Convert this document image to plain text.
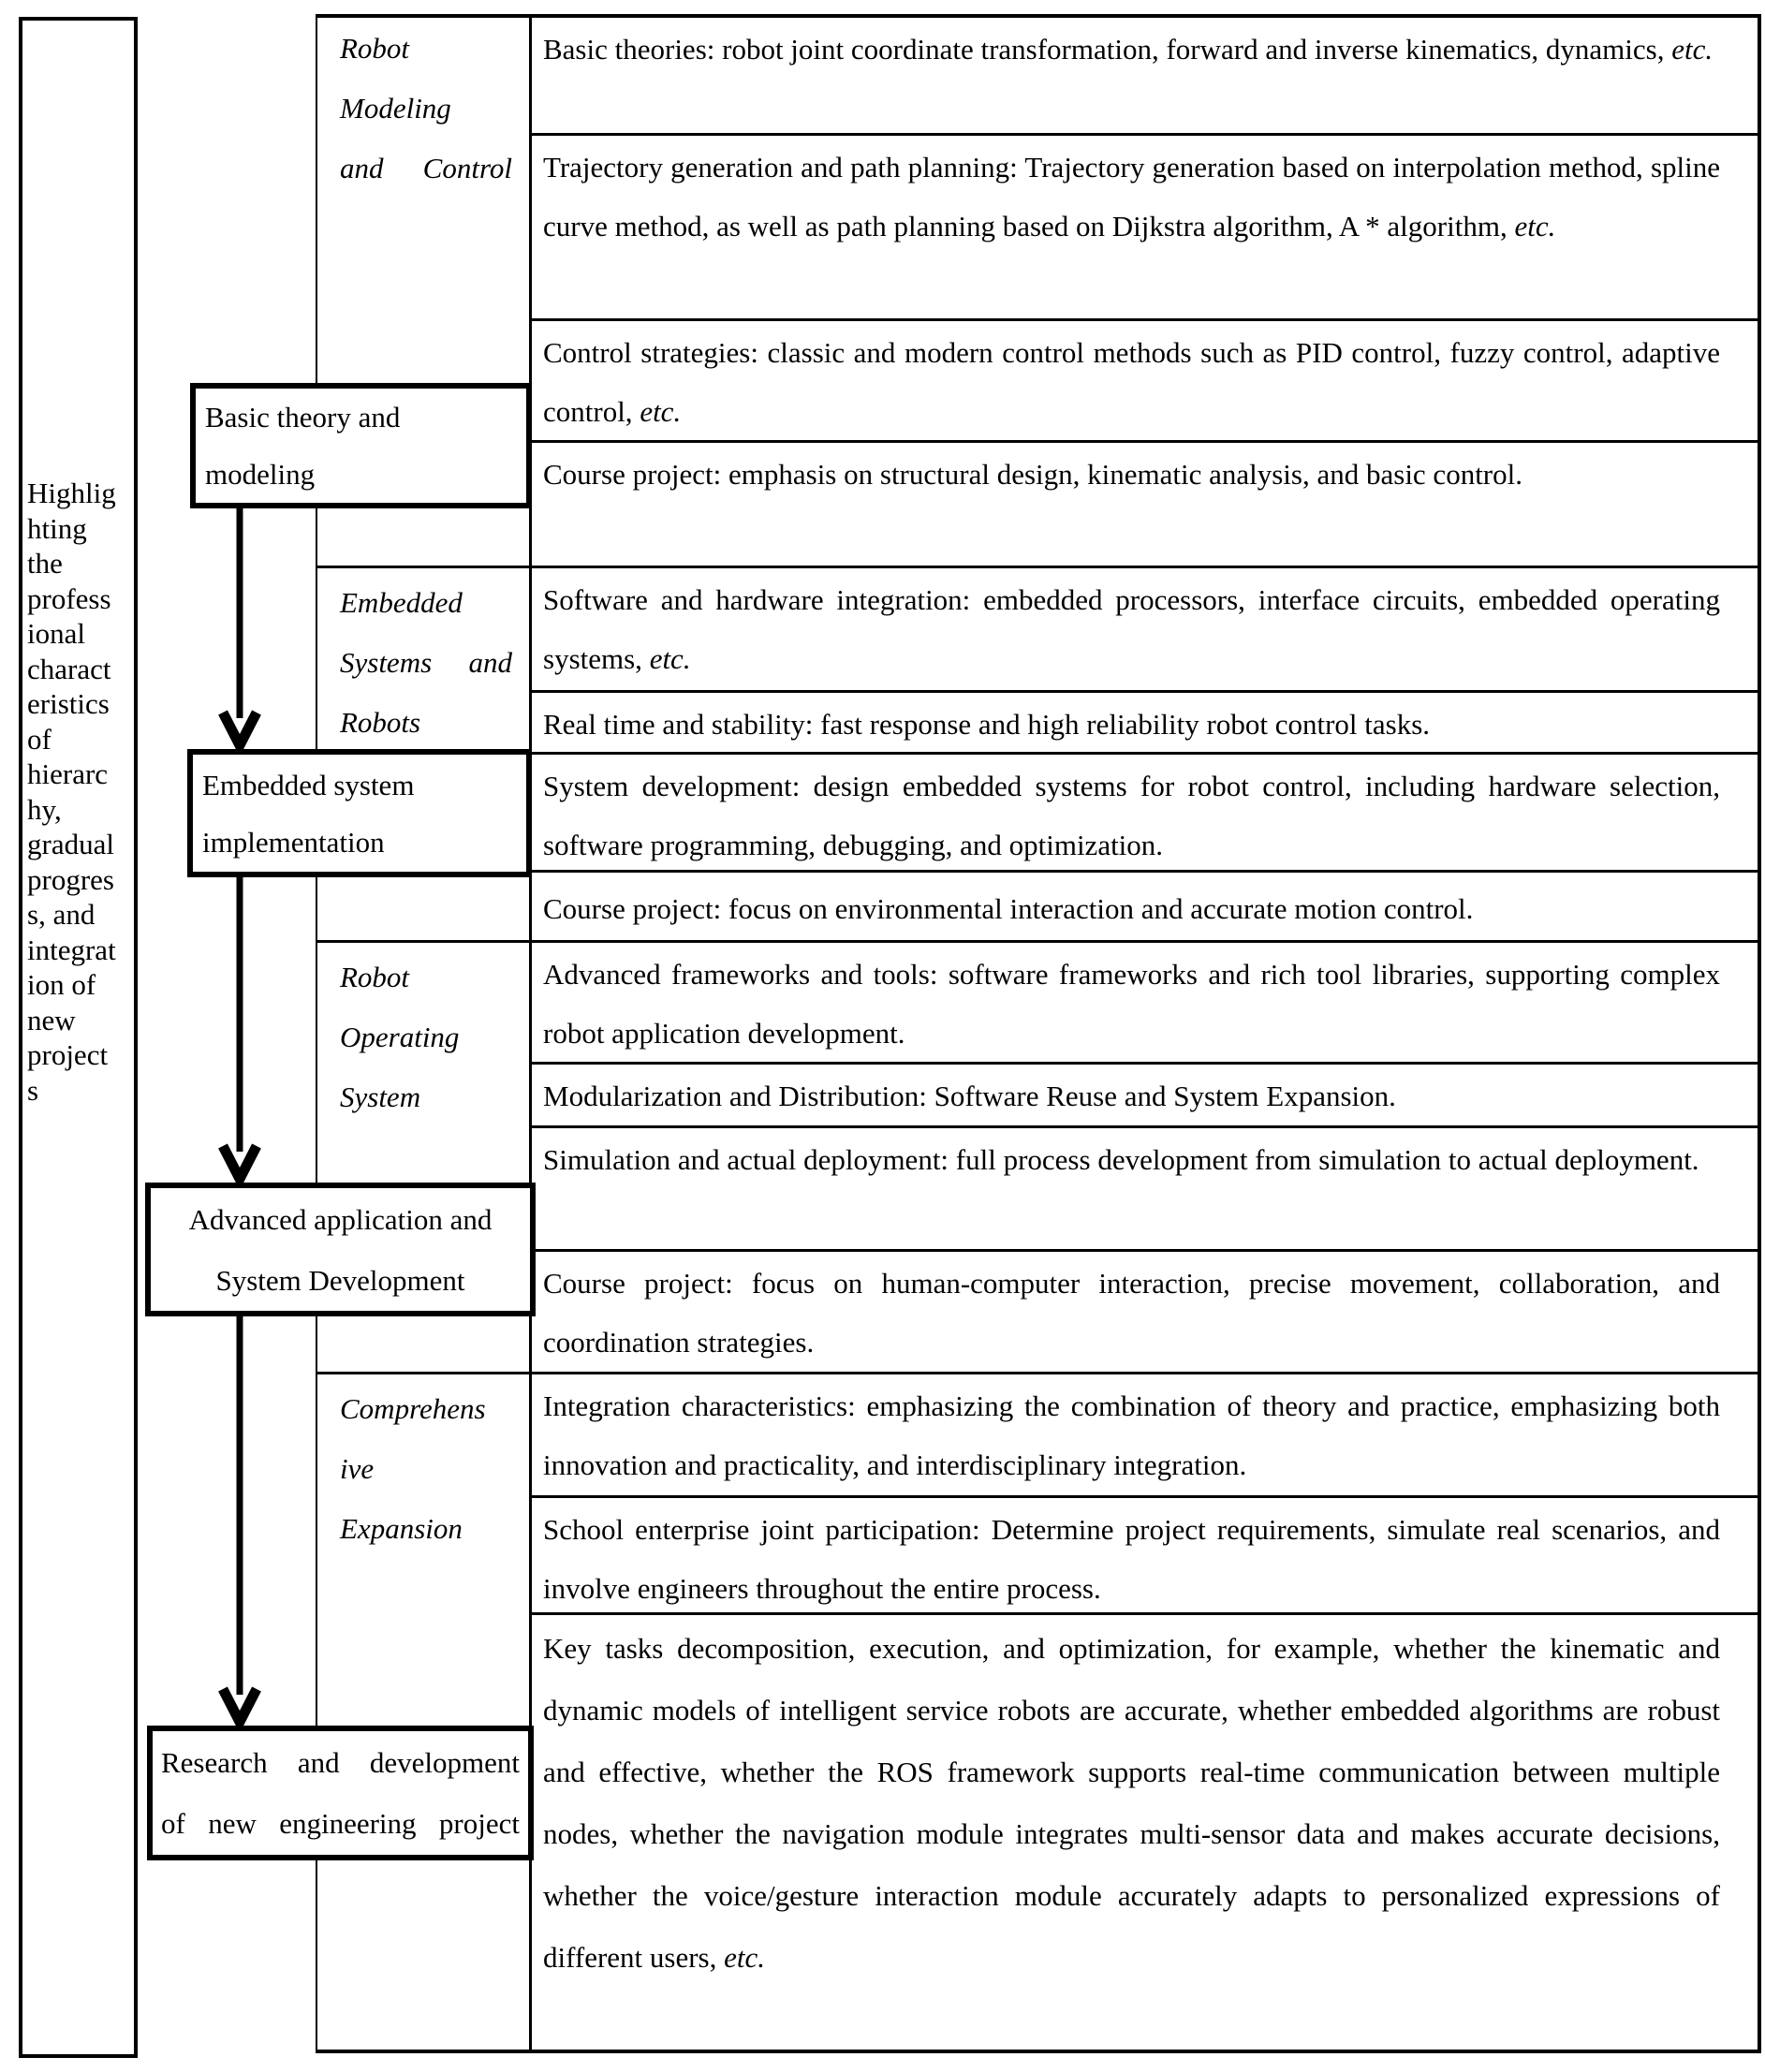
Highlig
hting
the
profess
ional
charact
eristics
of
hierarc
hy,
gradual
progres
s, and
integrat
ion of
new
project
s
Robot
Modeling
and Control
Embedded
Systems and
Robots
Robot
Operating
System
Comprehens
ive
Expansion

Basic theories: robot joint coordinate transformation, forward and inverse kinematics, dynamics, etc.

Trajectory generation and path planning: Trajectory generation based on interpolation method, spline curve method, as well as path planning based on Dijkstra algorithm, A * algorithm, etc.

Control strategies: classic and modern control methods such as PID control, fuzzy control, adaptive control, etc.

Course project: emphasis on structural design, kinematic analysis, and basic control.

Software and hardware integration: embedded processors, interface circuits, embedded operating systems, etc.

Real time and stability: fast response and high reliability robot control tasks.

System development: design embedded systems for robot control, including hardware selection, software programming, debugging, and optimization.

Course project: focus on environmental interaction and accurate motion control.

Advanced frameworks and tools: software frameworks and rich tool libraries, supporting complex robot application development.

Modularization and Distribution: Software Reuse and System Expansion.

Simulation and actual deployment: full process development from simulation to actual deployment.

Course project: focus on human-computer interaction, precise movement, collaboration, and coordination strategies.

Integration characteristics: emphasizing the combination of theory and practice, emphasizing both innovation and practicality, and interdisciplinary integration.

School enterprise joint participation: Determine project requirements, simulate real scenarios, and involve engineers throughout the entire process.

Key tasks decomposition, execution, and optimization, for example, whether the kinematic and dynamic models of intelligent service robots are accurate, whether embedded algorithms are robust and effective, whether the ROS framework supports real-time communication between multiple nodes, whether the navigation module integrates multi-sensor data and makes accurate decisions, whether the voice/gesture interaction module accurately adapts to personalized expressions of different users, etc.

Basic theory and
modeling
Embedded system
implementation
Advanced application and
System Development
Research and development
of new engineering project
